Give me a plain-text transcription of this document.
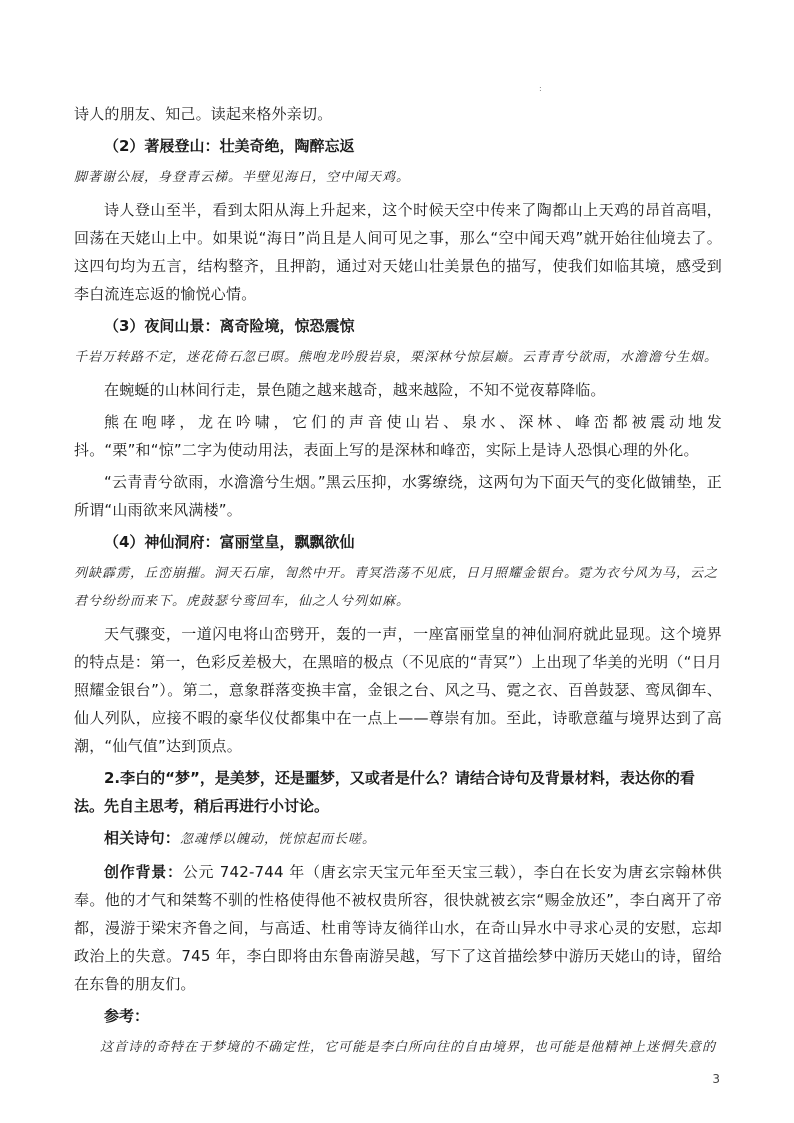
:

诗人的朋友、知己。读起来格外亲切。

（2）著屐登山：壮美奇绝，陶醉忘返

脚著谢公屐，身登青云梯。半壁见海日，空中闻天鸡。

诗人登山至半，看到太阳从海上升起来，这个时候天空中传来了陶都山上天鸡的昂首高唱，回荡在天姥山上中。如果说“海日”尚且是人间可见之事，那么“空中闻天鸡”就开始往仙境去了。这四句均为五言，结构整齐，且押韵，通过对天姥山壮美景色的描写，使我们如临其境，感受到李白流连忘返的愉悦心情。

（3）夜间山景：离奇险境，惊恐震惊

千岩万转路不定，迷花倚石忽已暝。熊咆龙吟殷岩泉，栗深林兮惊层巅。云青青兮欲雨，水澹澹兮生烟。

在蜿蜒的山林间行走，景色随之越来越奇，越来越险，不知不觉夜幕降临。

熊在咆哮，龙在吟啸，它们的声音使山岩、泉水、深林、峰峦都被震动地发抖。“栗”和“惊”二字为使动用法，表面上写的是深林和峰峦，实际上是诗人恐惧心理的外化。

“云青青兮欲雨，水澹澹兮生烟。”黑云压抑，水雾缭绕，这两句为下面天气的变化做铺垫，正所谓“山雨欲来风满楼”。

（4）神仙洞府：富丽堂皇，飘飘欲仙

列缺霹雳，丘峦崩摧。洞天石扉，訇然中开。青冥浩荡不见底，日月照耀金银台。霓为衣兮风为马，云之君兮纷纷而来下。虎鼓瑟兮鸾回车，仙之人兮列如麻。

天气骤变，一道闪电将山峦劈开，轰的一声，一座富丽堂皇的神仙洞府就此显现。这个境界的特点是：第一，色彩反差极大，在黑暗的极点（不见底的“青冥”）上出现了华美的光明（“日月照耀金银台”）。第二，意象群落变换丰富，金银之台、风之马、霓之衣、百兽鼓瑟、鸾凤御车、仙人列队，应接不暇的豪华仪仗都集中在一点上——尊崇有加。至此，诗歌意蕴与境界达到了高潮，“仙气值”达到顶点。

2.李白的“梦”，是美梦，还是噩梦，又或者是什么？请结合诗句及背景材料，表达你的看法。先自主思考，稍后再进行小讨论。

相关诗句：忽魂悸以魄动，恍惊起而长嗟。

创作背景：公元 742-744 年（唐玄宗天宝元年至天宝三载），李白在长安为唐玄宗翰林供奉。他的才气和桀骜不驯的性格使得他不被权贵所容，很快就被玄宗“赐金放还”，李白离开了帝都，漫游于梁宋齐鲁之间，与高适、杜甫等诗友徜徉山水，在奇山异水中寻求心灵的安慰，忘却政治上的失意。745 年，李白即将由东鲁南游吴越，写下了这首描绘梦中游历天姥山的诗，留给在东鲁的朋友们。

参考：

这首诗的奇特在于梦境的不确定性，它可能是李白所向往的自由境界，也可能是他精神上迷惘失意的

3
